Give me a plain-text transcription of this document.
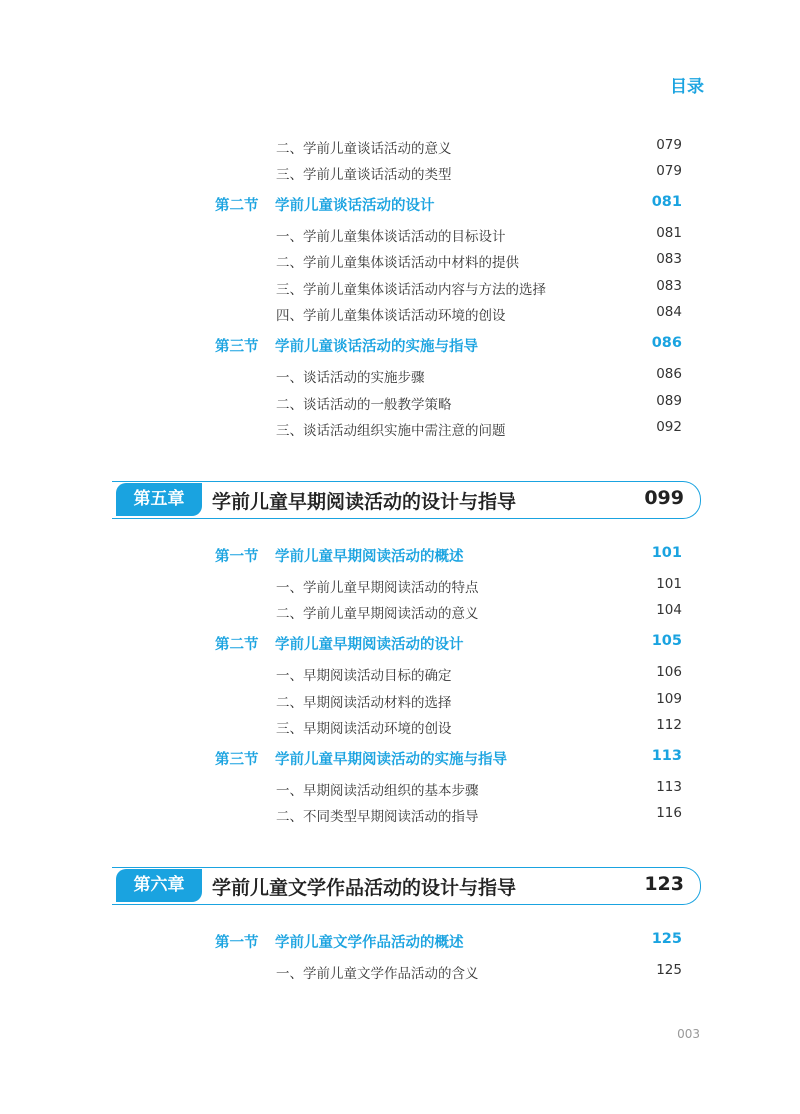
目录
二、学前儿童谈话活动的意义	079
三、学前儿童谈话活动的类型	079
第二节 学前儿童谈话活动的设计	081
一、学前儿童集体谈话活动的目标设计	081
二、学前儿童集体谈话活动中材料的提供	083
三、学前儿童集体谈话活动内容与方法的选择	083
四、学前儿童集体谈话活动环境的创设	084
第三节 学前儿童谈话活动的实施与指导	086
一、谈话活动的实施步骤	086
二、谈话活动的一般教学策略	089
三、谈话活动组织实施中需注意的问题	092
第五章	学前儿童早期阅读活动的设计与指导	099
第一节 学前儿童早期阅读活动的概述	101
一、学前儿童早期阅读活动的特点	101
二、学前儿童早期阅读活动的意义	104
第二节 学前儿童早期阅读活动的设计	105
一、早期阅读活动目标的确定	106
二、早期阅读活动材料的选择	109
三、早期阅读活动环境的创设	112
第三节 学前儿童早期阅读活动的实施与指导	113
一、早期阅读活动组织的基本步骤	113
二、不同类型早期阅读活动的指导	116
第六章	学前儿童文学作品活动的设计与指导	123
第一节 学前儿童文学作品活动的概述	125
一、学前儿童文学作品活动的含义	125
003
